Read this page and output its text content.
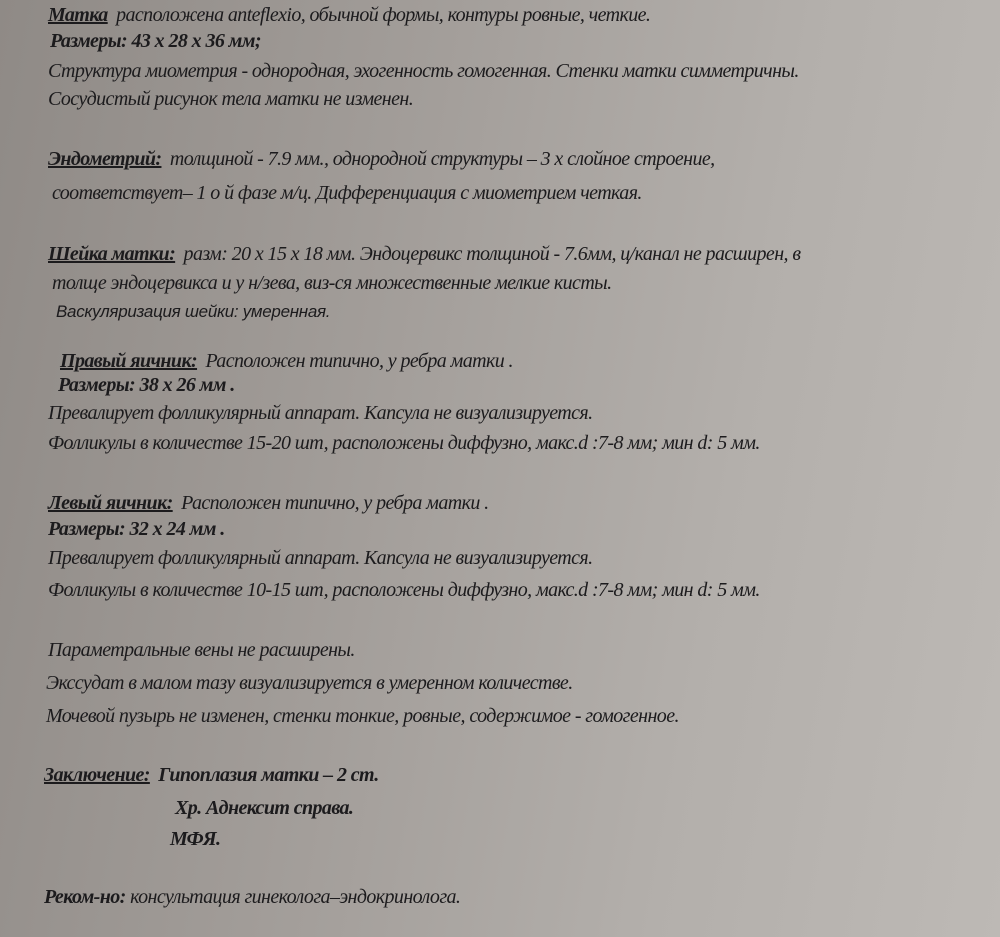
Матка расположена anteflexio, обычной формы, контуры ровные, четкие.
Размеры: 43 x 28 x 36 мм;
Структура миометрия - однородная, эхогенность гомогенная. Стенки матки симметричны.
Сосудистый рисунок тела матки не изменен.
Эндометрий: толщиной - 7.9 мм., однородной структуры – 3 х слойное строение,
соответствует– 1 о й фазе м/ц. Дифференциация с миометрием четкая.
Шейка матки: разм: 20 x 15 x 18 мм. Эндоцервикс толщиной - 7.6мм, ц/канал не расширен, в
толще эндоцервикса и у н/зева, виз-ся множественные мелкие кисты.
Васкуляризация шейки: умеренная.
Правый яичник: Расположен типично, у ребра матки .
Размеры: 38 x 26 мм .
Превалирует фолликулярный аппарат. Капсула не визуализируется.
Фолликулы в количестве 15-20 шт, расположены диффузно, макс.d :7-8 мм; мин d: 5 мм.
Левый яичник: Расположен типично, у ребра матки .
Размеры: 32 x 24 мм .
Превалирует фолликулярный аппарат. Капсула не визуализируется.
Фолликулы в количестве 10-15 шт, расположены диффузно, макс.d :7-8 мм; мин d: 5 мм.
Параметральные вены не расширены.
Экссудат в малом тазу визуализируется в умеренном количестве.
Мочевой пузырь не изменен, стенки тонкие, ровные, содержимое - гомогенное.
Заключение: Гипоплазия матки – 2 ст.
Хр. Аднексит справа.
МФЯ.
Реком-но: консультация гинеколога–эндокринолога.
